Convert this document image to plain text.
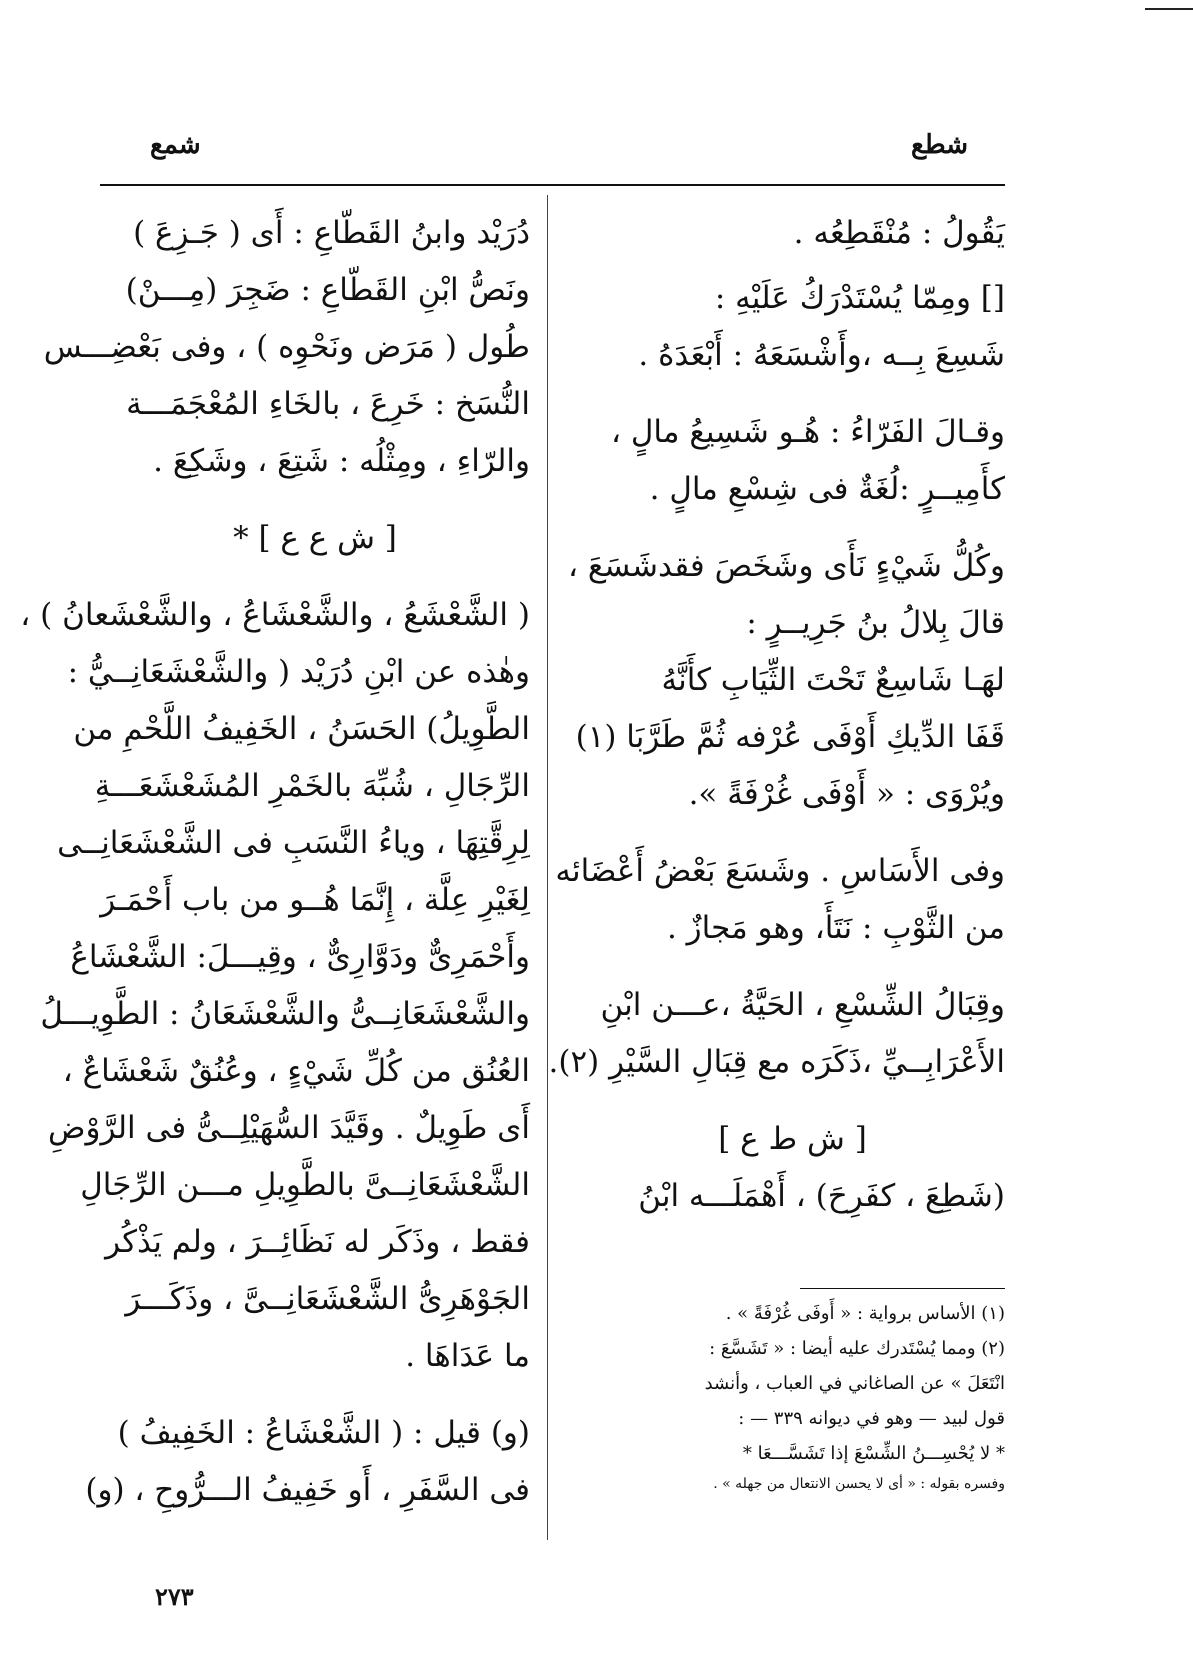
شطع
شمع
يَقُولُ : مُنْقَطِعُه .
[] ومِمّا يُسْتَدْرَكُ عَلَيْهِ :
شَسِعَ بِــه ،وأَشْسَعَهُ : أَبْعَدَهُ .
وقـالَ الفَرّاءُ : هُـو شَسِيعُ مالٍ ،
كأَمِيــرٍ :لُغَةٌ فى شِسْعِ مالٍ .
وكُلُّ شَيْءٍ نَأَى وشَخَصَ فقدشَسَعَ ،
قالَ بِلالُ بنُ جَرِيــرٍ :
لهَـا شَاسِعٌ تَحْتَ الثِّيَابِ كأَنَّهُ
قَفَا الدِّيكِ أَوْفَى عُرْفه ثُمَّ طَرَّبَا (١)
ويُرْوَى : « أَوْفَى غُرْفَةً ».
وفى الأَسَاسِ . وشَسَعَ بَعْضُ أَعْضَائه
من الثَّوْبِ : نَتَأَ، وهو مَجازٌ .
وقِبَالُ الشِّسْعِ ، الحَيَّةُ ،عـــن ابْنِ
الأَعْرَابِــيِّ ،ذَكَرَه مع قِبَالِ السَّيْرِ (٢).
[ ش ط ع ]
(شَطِعَ ، كفَرِحَ) ، أَهْمَلَـــه ابْنُ
(١) الأساس برواية : « أَوفَى غُرْفَةً » .
(٢) ومما يُسْتَدرك عليه أيضا : « تَشَسَّعَ :
انْتَعَلَ » عن الصاغاني في العباب ، وأنشد
قول لبيد — وهو في ديوانه ٣٣٩ — :
* لا يُحْسِـــنُ الشِّسْعَ إذا تَشَسَّـــعَا *
وفسره بقوله : « أى لا يحسن الانتعال من جهله » .
دُرَيْد وابنُ القَطّاعِ : أَى ( جَـزِعَ )
ونَصُّ ابْنِ القَطّاعِ : ضَجِرَ (مِـــنْ)
طُول ( مَرَض ونَحْوِه ) ، وفى بَعْضِـــس
النُّسَخ : خَرِعَ ، بالخَاءِ المُعْجَمَـــة
والرّاءِ ، ومِثْلُه : شَتِعَ ، وشَكِعَ .
[ ش ع ع ] *
( الشَّعْشَعُ ، والشَّعْشَاعُ ، والشَّعْشَعانُ ) ،
وهٰذه عن ابْنِ دُرَيْد ( والشَّعْشَعَانِــيُّ :
الطَّوِيلُ) الحَسَنُ ، الخَفِيفُ اللَّحْمِ من
الرِّجَالِ ، شُبِّهَ بالخَمْرِ المُشَعْشَعَـــةِ
لِرِقَّتِهَا ، وياءُ النَّسَبِ فى الشَّعْشَعَانِــى
لِغَيْرِ عِلَّة ، إِنَّمَا هُــو من باب أَحْمَـرَ
وأَحْمَرِىٌّ ودَوَّارِىٌّ ، وقِيـــلَ: الشَّعْشَاعُ
والشَّعْشَعَانِــىُّ والشَّعْشَعَانُ : الطَّوِيـــلُ
العُنُق من كُلِّ شَيْءٍ ، وعُنُقٌ شَعْشَاعٌ ،
أَى طَوِيلٌ . وقَيَّدَ السُّهَيْلِــىُّ فى الرَّوْضِ
الشَّعْشَعَانِــىَّ بالطَّوِيلِ مـــن الرِّجَالِ
فقط ، وذَكَر له نَظَائِــرَ ، ولم يَذْكُر
الجَوْهَرِىُّ الشَّعْشَعَانِــىَّ ، وذَكَـــرَ
ما عَدَاهَا .
(و) قيل : ( الشَّعْشَاعُ : الخَفِيفُ )
فى السَّفَرِ ، أَو خَفِيفُ الـــرُّوحِ ، (و)
٢٧٣
